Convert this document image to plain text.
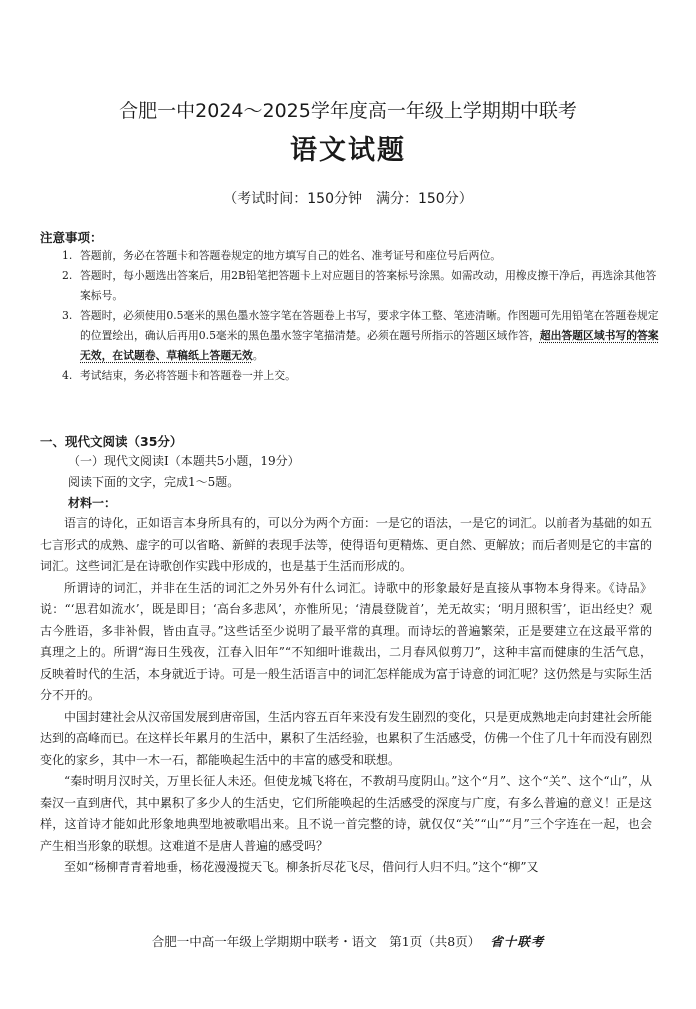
合肥一中2024～2025学年度高一年级上学期期中联考
语文试题
（考试时间：150分钟　满分：150分）
注意事项：
1. 答题前，务必在答题卡和答题卷规定的地方填写自己的姓名、准考证号和座位号后两位。
2. 答题时，每小题选出答案后，用2B铅笔把答题卡上对应题目的答案标号涂黑。如需改动，用橡皮擦干净后，再选涂其他答案标号。
3. 答题时，必须使用0.5毫米的黑色墨水签字笔在答题卷上书写，要求字体工整、笔迹清晰。作图题可先用铅笔在答题卷规定的位置绘出，确认后再用0.5毫米的黑色墨水签字笔描清楚。必须在题号所指示的答题区域作答，超出答题区域书写的答案无效，在试题卷、草稿纸上答题无效。
4. 考试结束，务必将答题卡和答题卷一并上交。
一、现代文阅读（35分）
（一）现代文阅读Ⅰ（本题共5小题，19分）
阅读下面的文字，完成1～5题。
材料一：

语言的诗化，正如语言本身所具有的，可以分为两个方面：一是它的语法，一是它的词汇。以前者为基础的如五七言形式的成熟、虚字的可以省略、新鲜的表现手法等，使得语句更精炼、更自然、更解放；而后者则是它的丰富的词汇。这些词汇是在诗歌创作实践中形成的，也是基于生活而形成的。

所谓诗的词汇，并非在生活的词汇之外另外有什么词汇。诗歌中的形象最好是直接从事物本身得来。《诗品》说：“‘思君如流水’，既是即目；‘高台多悲风’，亦惟所见；‘清晨登陇首’，羌无故实；‘明月照积雪’，讵出经史？观古今胜语，多非补假，皆由直寻。”这些话至少说明了最平常的真理。而诗坛的普遍繁荣，正是要建立在这最平常的真理之上的。所谓“海日生残夜，江春入旧年”“不知细叶谁裁出，二月春风似剪刀”，这种丰富而健康的生活气息，反映着时代的生活，本身就近于诗。可是一般生活语言中的词汇怎样能成为富于诗意的词汇呢？这仍然是与实际生活分不开的。

中国封建社会从汉帝国发展到唐帝国，生活内容五百年来没有发生剧烈的变化，只是更成熟地走向封建社会所能达到的高峰而已。在这样长年累月的生活中，累积了生活经验，也累积了生活感受，仿佛一个住了几十年而没有剧烈变化的家乡，其中一木一石，都能唤起生活中的丰富的感受和联想。

“秦时明月汉时关，万里长征人未还。但使龙城飞将在，不教胡马度阴山。”这个“月”、这个“关”、这个“山”，从秦汉一直到唐代，其中累积了多少人的生活史，它们所能唤起的生活感受的深度与广度，有多么普遍的意义！正是这样，这首诗才能如此形象地典型地被歌唱出来。且不说一首完整的诗，就仅仅“关”“山”“月”三个字连在一起，也会产生相当形象的联想。这难道不是唐人普遍的感受吗？

至如“杨柳青青着地垂，杨花漫漫搅天飞。柳条折尽花飞尽，借问行人归不归。”这个“柳”又

合肥一中高一年级上学期期中联考・语文　第1页（共8页） 省十联考
